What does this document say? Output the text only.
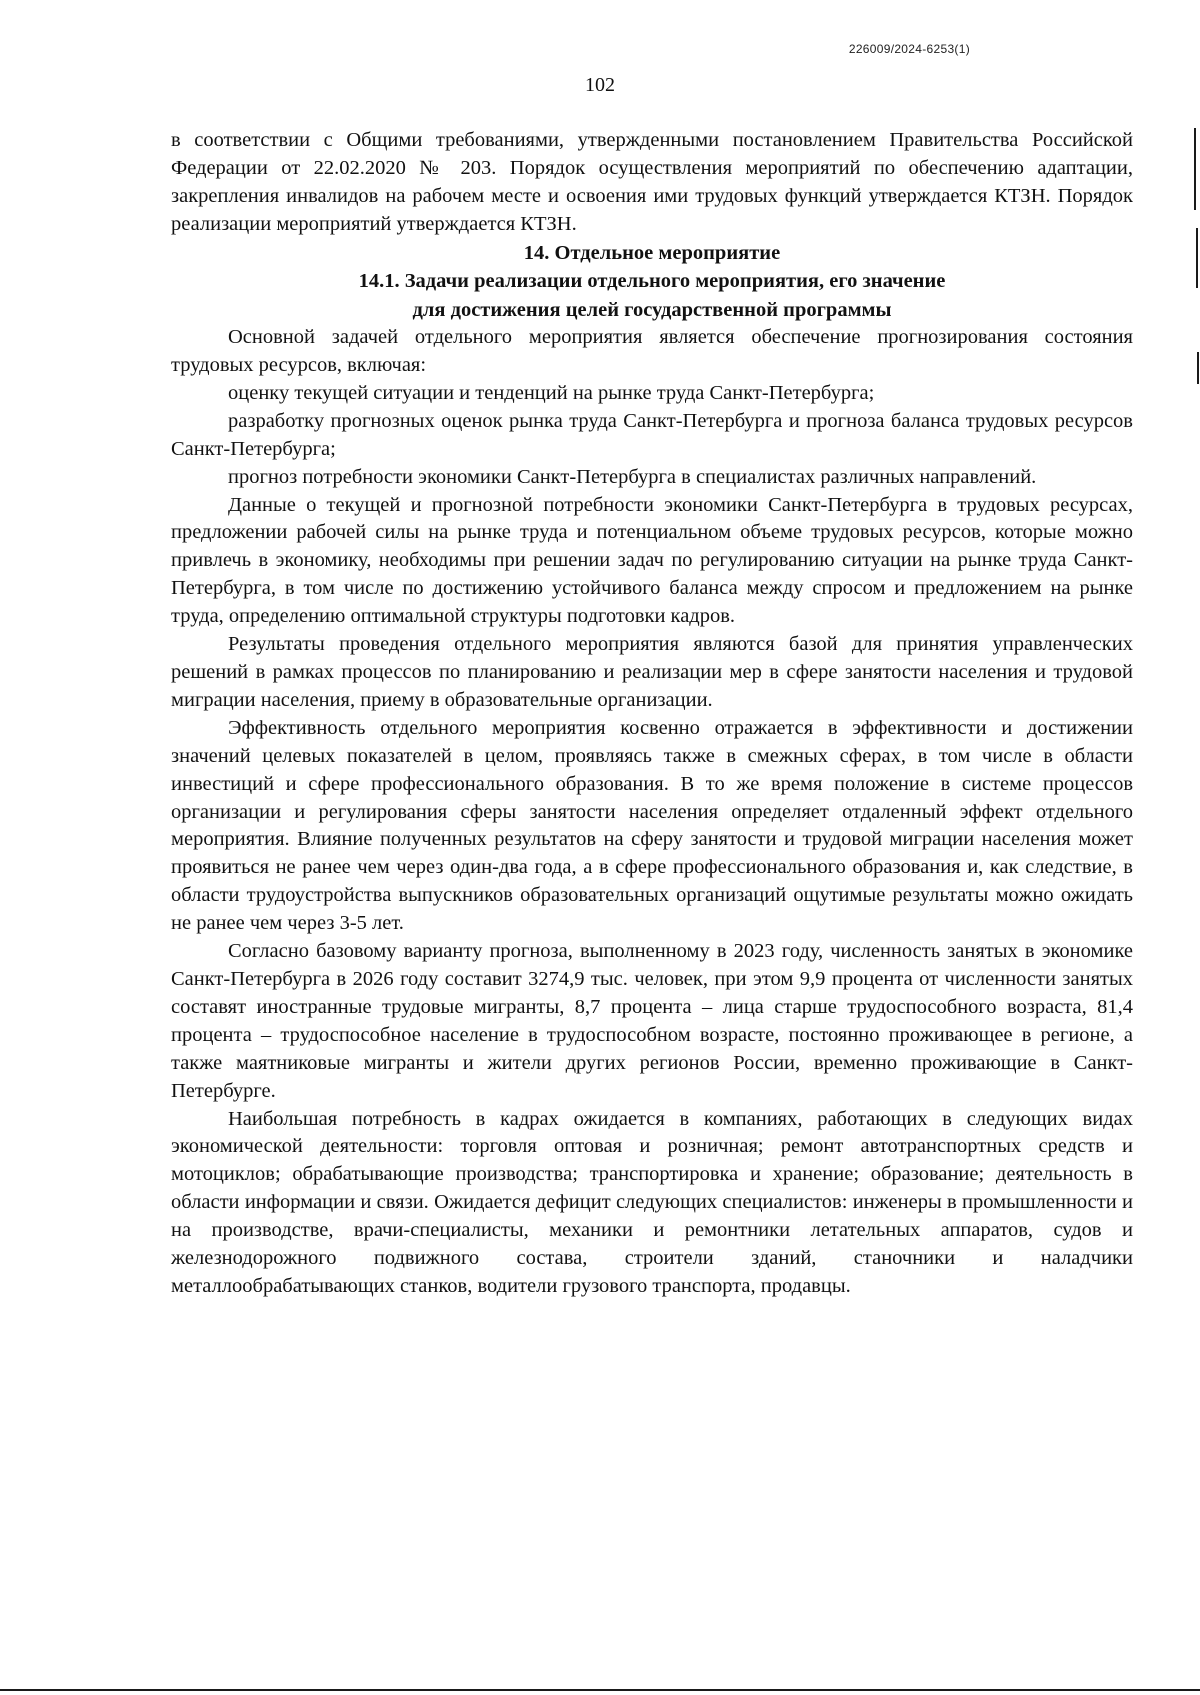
226009/2024-6253(1)
102

в соответствии с Общими требованиями, утвержденными постановлением Правительства Российской Федерации от 22.02.2020 № 203. Порядок осуществления мероприятий по обеспечению адаптации, закрепления инвалидов на рабочем месте и освоения ими трудовых функций утверждается КТЗН. Порядок реализации мероприятий утверждается КТЗН.

14. Отдельное мероприятие

14.1. Задачи реализации отдельного мероприятия, его значение

для достижения целей государственной программы

Основной задачей отдельного мероприятия является обеспечение прогнозирования состояния трудовых ресурсов, включая:

оценку текущей ситуации и тенденций на рынке труда Санкт-Петербурга;

разработку прогнозных оценок рынка труда Санкт-Петербурга и прогноза баланса трудовых ресурсов Санкт-Петербурга;

прогноз потребности экономики Санкт-Петербурга в специалистах различных направлений.

Данные о текущей и прогнозной потребности экономики Санкт-Петербурга в трудовых ресурсах, предложении рабочей силы на рынке труда и потенциальном объеме трудовых ресурсов, которые можно привлечь в экономику, необходимы при решении задач по регулированию ситуации на рынке труда Санкт-Петербурга, в том числе по достижению устойчивого баланса между спросом и предложением на рынке труда, определению оптимальной структуры подготовки кадров.

Результаты проведения отдельного мероприятия являются базой для принятия управленческих решений в рамках процессов по планированию и реализации мер в сфере занятости населения и трудовой миграции населения, приему в образовательные организации.

Эффективность отдельного мероприятия косвенно отражается в эффективности и достижении значений целевых показателей в целом, проявляясь также в смежных сферах, в том числе в области инвестиций и сфере профессионального образования. В то же время положение в системе процессов организации и регулирования сферы занятости населения определяет отдаленный эффект отдельного мероприятия. Влияние полученных результатов на сферу занятости и трудовой миграции населения может проявиться не ранее чем через один-два года, а в сфере профессионального образования и, как следствие, в области трудоустройства выпускников образовательных организаций ощутимые результаты можно ожидать не ранее чем через 3-5 лет.

Согласно базовому варианту прогноза, выполненному в 2023 году, численность занятых в экономике Санкт-Петербурга в 2026 году составит 3274,9 тыс. человек, при этом 9,9 процента от численности занятых составят иностранные трудовые мигранты, 8,7 процента – лица старше трудоспособного возраста, 81,4 процента – трудоспособное население в трудоспособном возрасте, постоянно проживающее в регионе, а также маятниковые мигранты и жители других регионов России, временно проживающие в Санкт-Петербурге.

Наибольшая потребность в кадрах ожидается в компаниях, работающих в следующих видах экономической деятельности: торговля оптовая и розничная; ремонт автотранспортных средств и мотоциклов; обрабатывающие производства; транспортировка и хранение; образование; деятельность в области информации и связи. Ожидается дефицит следующих специалистов: инженеры в промышленности и на производстве, врачи-специалисты, механики и ремонтники летательных аппаратов, судов и железнодорожного подвижного состава, строители зданий, станочники и наладчики металлообрабатывающих станков, водители грузового транспорта, продавцы.
